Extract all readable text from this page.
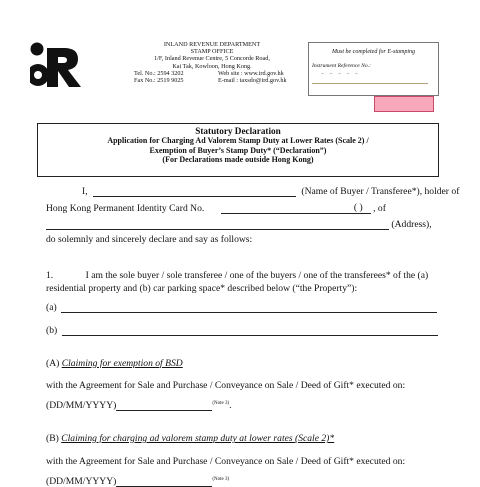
INLAND REVENUE DEPARTMENT
STAMP OFFICE
1/F, Inland Revenue Centre, 5 Concorde Road,
Kai Tak, Kowloon, Hong Kong.
Tel. No.: 2594 3202	Web site : www.ird.gov.hk
Fax No.: 2519 9025	E-mail : taxsdo@ird.gov.hk
Must be completed for E-stamping
Instrument Reference No.:
– – – – –
Statutory Declaration
Application for Charging Ad Valorem Stamp Duty at Lower Rates (Scale 2) /
Exemption of Buyer’s Stamp Duty* (“Declaration”)
(For Declarations made outside Hong Kong)
I,	(Name of Buyer / Transferee*), holder of
Hong Kong Permanent Identity Card No.	( ) , of
(Address),
do solemnly and sincerely declare and say as follows:
1.	I am the sole buyer / sole transferee / one of the buyers / one of the transferees* of the (a)
residential property and (b) car parking space* described below (“the Property”):
(a)
(b)
(A) Claiming for exemption of BSD
with the Agreement for Sale and Purchase / Conveyance on Sale / Deed of Gift* executed on:
(DD/MM/YYYY)	$^{(Note 3)}$.
(B) Claiming for charging ad valorem stamp duty at lower rates (Scale 2)*
with the Agreement for Sale and Purchase / Conveyance on Sale / Deed of Gift* executed on:
(DD/MM/YYYY)	$^{(Note 3)}$
